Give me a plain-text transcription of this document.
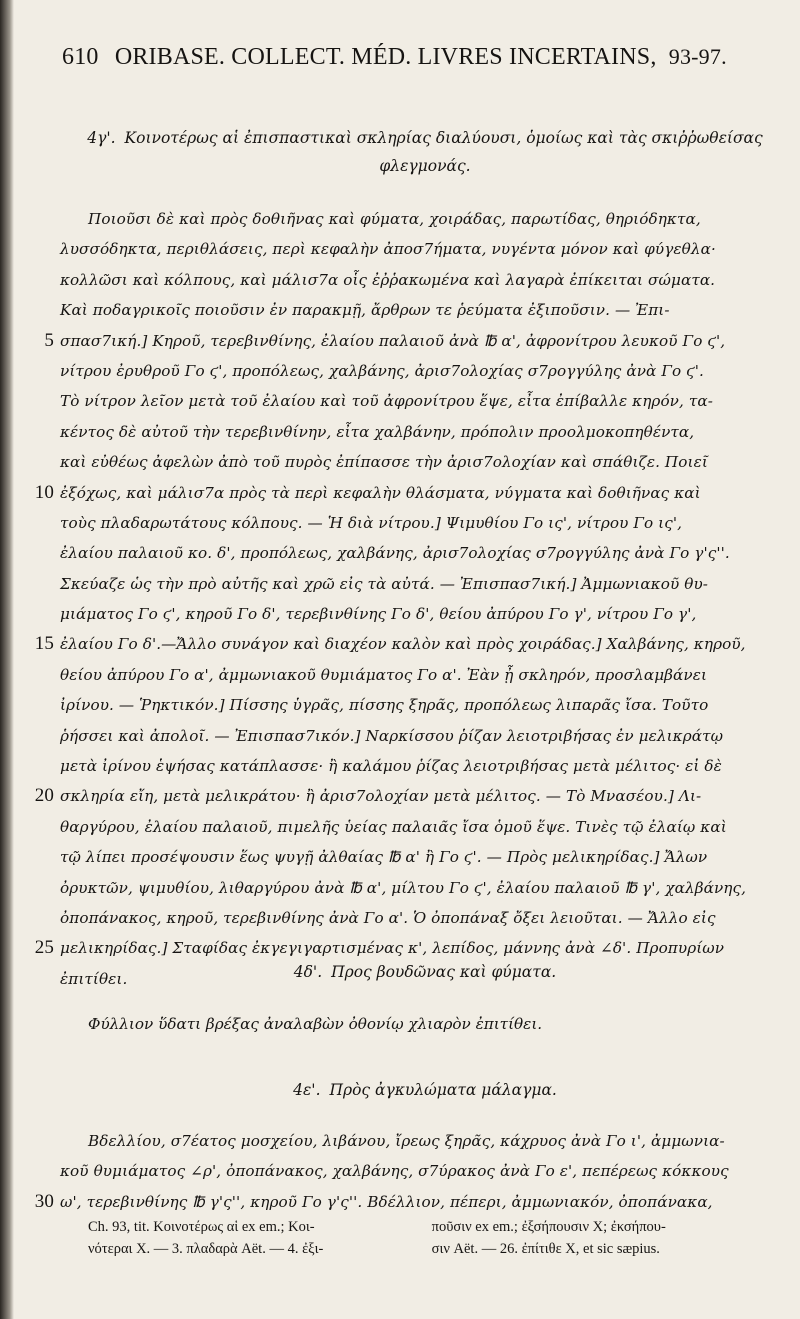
610 ORIBASE. COLLECT. MÉD. LIVRES INCERTAINS, 93-97.
4γ'. Κοινοτέρως αἱ ἐπισπαστικαὶ σκληρίας διαλύουσι, ὁμοίως καὶ τὰς σκιῤῥωθείσας
φλεγμονάς.
Ποιοῦσι δὲ καὶ πρὸς δοθιῆνας καὶ φύματα, χοιράδας, παρωτίδας, θηριόδηκτα,
λυσσόδηκτα, περιθλάσεις, περὶ κεφαλὴν ἀποσ7ήματα, νυγέντα μόνον καὶ φύγεθλα·
κολλῶσι καὶ κόλπους, καὶ μάλισ7α οἷς ἐῤῥακωμένα καὶ λαγαρὰ ἐπίκειται σώματα.
Καὶ ποδαγρικοῖς ποιοῦσιν ἐν παρακμῇ, ἄρθρων τε ῥεύματα ἐξιποῦσιν. — Ἐπι-
5 σπασ7ική.] Κηροῦ, τερεβινθίνης, ἐλαίου παλαιοῦ ἀνὰ ℔ α', ἀφρονίτρου λευκοῦ Γο ϛ',
νίτρου ἐρυθροῦ Γο ϛ', προπόλεως, χαλβάνης, ἀρισ7ολοχίας σ7ρογγύλης ἀνὰ Γο ϛ'.
Τὸ νίτρον λεῖον μετὰ τοῦ ἐλαίου καὶ τοῦ ἀφρονίτρου ἕψε, εἶτα ἐπίβαλλε κηρόν, τα-
κέντος δὲ αὐτοῦ τὴν τερεβινθίνην, εἶτα χαλβάνην, πρόπολιν προολμοκοπηθέντα,
καὶ εὐθέως ἀφελὼν ἀπὸ τοῦ πυρὸς ἐπίπασσε τὴν ἀρισ7ολοχίαν καὶ σπάθιζε. Ποιεῖ
10 ἐξόχως, καὶ μάλισ7α πρὸς τὰ περὶ κεφαλὴν θλάσματα, νύγματα καὶ δοθιῆνας καὶ
τοὺς πλαδαρωτάτους κόλπους. — Ἡ διὰ νίτρου.] Ψιμυθίου Γο ις', νίτρου Γο ις',
ἐλαίου παλαιοῦ κο. δ', προπόλεως, χαλβάνης, ἀρισ7ολοχίας σ7ρογγύλης ἀνὰ Γο γ'ς''.
Σκεύαζε ὡς τὴν πρὸ αὐτῆς καὶ χρῶ εἰς τὰ αὐτά. — Ἐπισπασ7ική.] Ἀμμωνιακοῦ θυ-
μιάματος Γο ϛ', κηροῦ Γο δ', τερεβινθίνης Γο δ', θείου ἀπύρου Γο γ', νίτρου Γο γ',
15 ἐλαίου Γο δ'.—Ἄλλο συνάγον καὶ διαχέον καλὸν καὶ πρὸς χοιράδας.] Χαλβάνης, κηροῦ,
θείου ἀπύρου Γο α', ἀμμωνιακοῦ θυμιάματος Γο α'. Ἐὰν ᾖ σκληρόν, προσλαμβάνει
ἰρίνου. — Ῥηκτικόν.] Πίσσης ὑγρᾶς, πίσσης ξηρᾶς, προπόλεως λιπαρᾶς ἴσα. Τοῦτο
ῥήσσει καὶ ἀπολοῖ. — Ἐπισπασ7ικόν.] Ναρκίσσου ῥίζαν λειοτριβήσας ἐν μελικράτῳ
μετὰ ἰρίνου ἑψήσας κατάπλασσε· ἢ καλάμου ῥίζας λειοτριβήσας μετὰ μέλιτος· εἰ δὲ
20 σκληρία εἴη, μετὰ μελικράτου· ἢ ἀρισ7ολοχίαν μετὰ μέλιτος. — Τὸ Μνασέου.] Λι-
θαργύρου, ἐλαίου παλαιοῦ, πιμελῆς ὑείας παλαιᾶς ἴσα ὁμοῦ ἕψε. Τινὲς τῷ ἐλαίῳ καὶ
τῷ λίπει προσέψουσιν ἕως ψυγῇ ἀλθαίας ℔ α' ἢ Γο ϛ'. — Πρὸς μελικηρίδας.] Ἄλων
ὀρυκτῶν, ψιμυθίου, λιθαργύρου ἀνὰ ℔ α', μίλτου Γο ϛ', ἐλαίου παλαιοῦ ℔ γ', χαλβάνης,
ὀποπάνακος, κηροῦ, τερεβινθίνης ἀνὰ Γο α'. Ὁ ὀποπάναξ ὄξει λειοῦται. — Ἄλλο εἰς
25 μελικηρίδας.] Σταφίδας ἐκγεγιγαρτισμένας κ', λεπίδος, μάννης ἀνὰ ∠δ'. Προπυρίων
ἐπιτίθει.	4δ'. Προς βουδῶνας καὶ φύματα.
Φύλλιον ὕδατι βρέξας ἀναλαβὼν ὀθονίῳ χλιαρὸν ἐπιτίθει.
4ε'. Πρὸς ἀγκυλώματα μάλαγμα.
Βδελλίου, σ7έατος μοσχείου, λιβάνου, ἴρεως ξηρᾶς, κάχρυος ἀνὰ Γο ι', ἀμμωνια-
κοῦ θυμιάματος ∠ρ', ὀποπάνακος, χαλβάνης, σ7ύρακος ἀνὰ Γο ε', πεπέρεως κόκκους
30 ω', τερεβινθίνης ℔ γ'ς'', κηροῦ Γο γ'ς''. Βδέλλιον, πέπερι, ἀμμωνιακόν, ὀποπάνακα,
Ch. 93, tit. Κοινοτέρως αἱ ex em.; Κοι-
νότεραι X. — 3. πλαδαρὰ Aët. — 4. ἐξι-

ποῦσιν ex em.; ἐξσήπουσιν X; ἐκσήπου-
σιν Aët. — 26. ἐπίτιθε X, et sic sæpius.
